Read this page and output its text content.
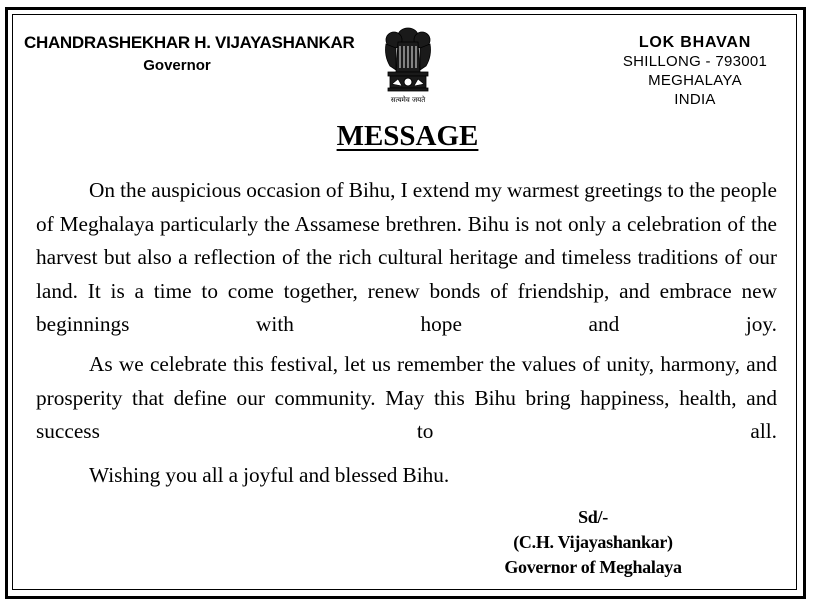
CHANDRASHEKHAR H. VIJAYASHANKAR
Governor
सत्यमेव जयते
LOK BHAVAN
SHILLONG - 793001
MEGHALAYA
INDIA
MESSAGE
On the auspicious occasion of Bihu, I extend my warmest greetings to the people of Meghalaya particularly the Assamese brethren. Bihu is not only a celebration of the harvest but also a reflection of the rich cultural heritage and timeless traditions of our land. It is a time to come together, renew bonds of friendship, and embrace new beginnings with hope and joy.
As we celebrate this festival, let us remember the values of unity, harmony, and prosperity that define our community. May this Bihu bring happiness, health, and success to all.
Wishing you all a joyful and blessed Bihu.
Sd/-
(C.H. Vijayashankar)
Governor of Meghalaya
